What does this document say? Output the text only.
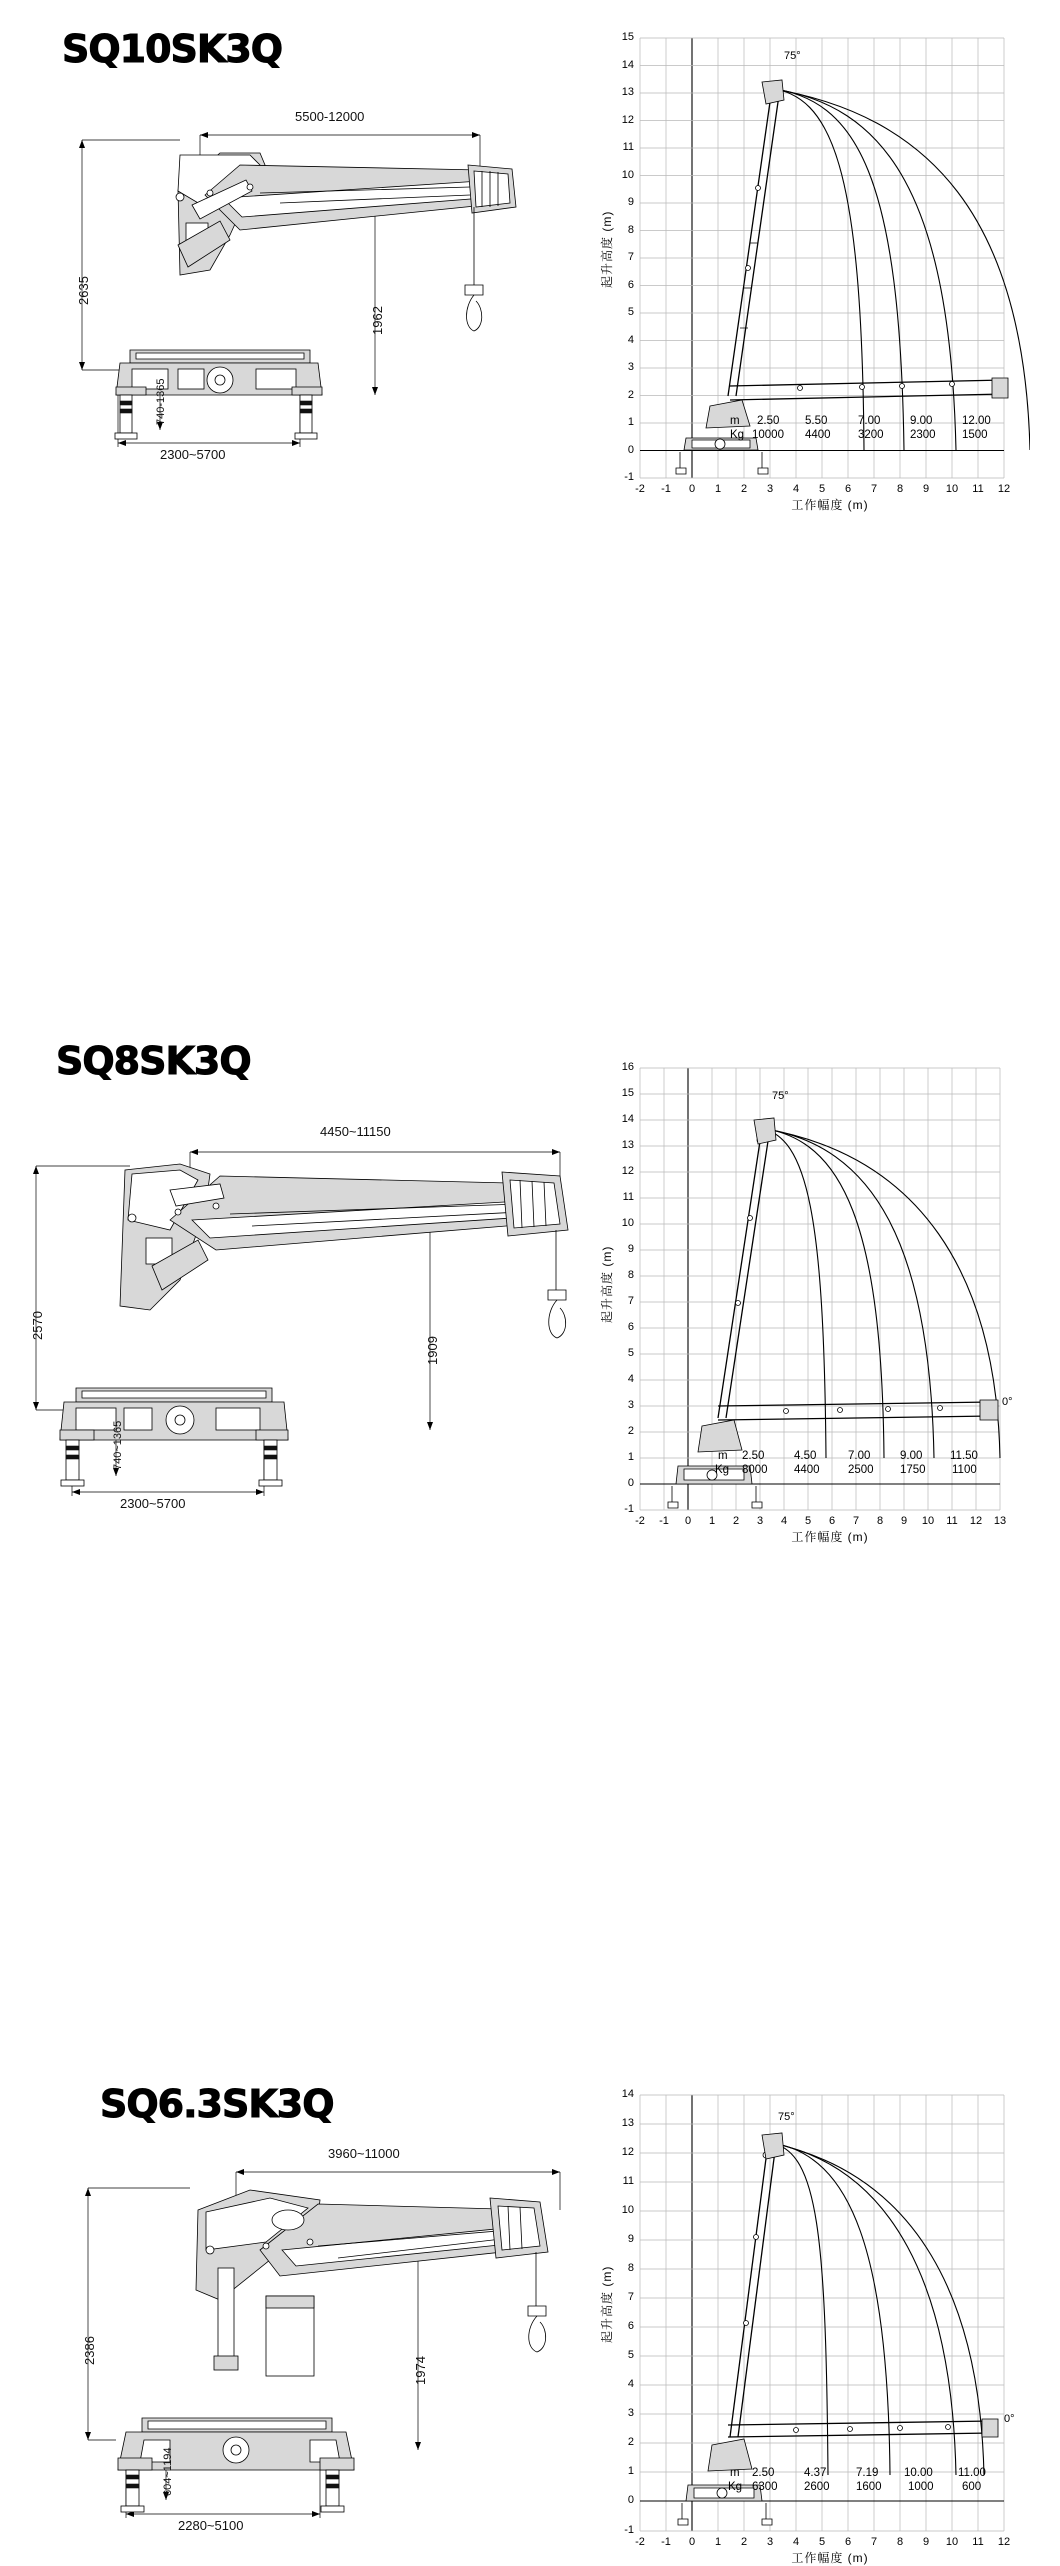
SQ10SK3Q
5500-12000
2635
1962
740-1365
2300~5700
15
14
13
12
11
10
9
8
7
6
5
4
3
2
1
0
-1
-2	-1	0	1	2	3	4	5	6	7	8	9	10	11	12
起升高度 (m)
工作幅度 (m)
75°
m
Kg
2.50 5.50	7.00	9.00	12.00
10000 4400 3200 2300 1500
SQ8SK3Q
4450~11150
2570
1909
740~1365
2300~5700
16
15
14
13
12
11
10
9
8
7
6
5
4
3
2
1
0
-1
-2	-1	0	1	2	3	4	5	6	7	8	9	10	11	12	13
起升高度 (m)
工作幅度 (m)
75°
0°
m
Kg
2.50	4.50	7.00	9.00 11.50
8000 4400 2500 1750 1100
SQ6.3SK3Q
3960~11000
2386
1974
604~1194
2280~5100
14
13
12
11
10
9
8
7
6
5
4
3
2
1
0
-1
-2	-1	0	1	2	3	4	5	6	7	8	9	10	11	12
起升高度 (m)
工作幅度 (m)
75°
0°
m
Kg
2.50	4.37	7.19 10.00 11.00
6300 2600 1600 1000 600
